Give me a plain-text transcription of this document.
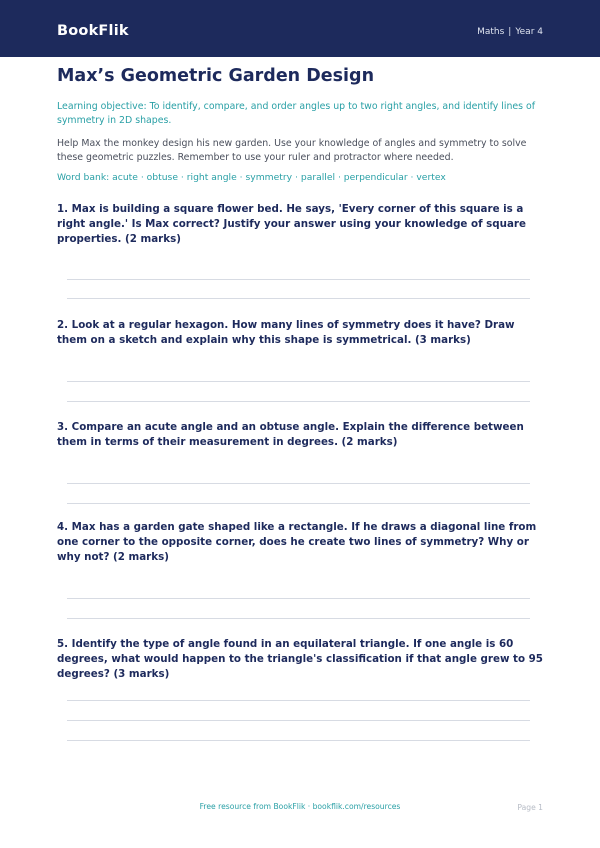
BookFlik	Maths | Year 4
Max’s Geometric Garden Design
Learning objective: To identify, compare, and order angles up to two right angles, and identify lines of symmetry in 2D shapes.
Help Max the monkey design his new garden. Use your knowledge of angles and symmetry to solve these geometric puzzles. Remember to use your ruler and protractor where needed.
Word bank: acute · obtuse · right angle · symmetry · parallel · perpendicular · vertex

1. Max is building a square flower bed. He says, 'Every corner of this square is a right angle.' Is Max correct? Justify your answer using your knowledge of square properties. (2 marks)

2. Look at a regular hexagon. How many lines of symmetry does it have? Draw them on a sketch and explain why this shape is symmetrical. (3 marks)

3. Compare an acute angle and an obtuse angle. Explain the difference between them in terms of their measurement in degrees. (2 marks)

4. Max has a garden gate shaped like a rectangle. If he draws a diagonal line from one corner to the opposite corner, does he create two lines of symmetry? Why or why not? (2 marks)

5. Identify the type of angle found in an equilateral triangle. If one angle is 60 degrees, what would happen to the triangle's classification if that angle grew to 95 degrees? (3 marks)

Free resource from BookFlik · bookflik.com/resources	Page 1
